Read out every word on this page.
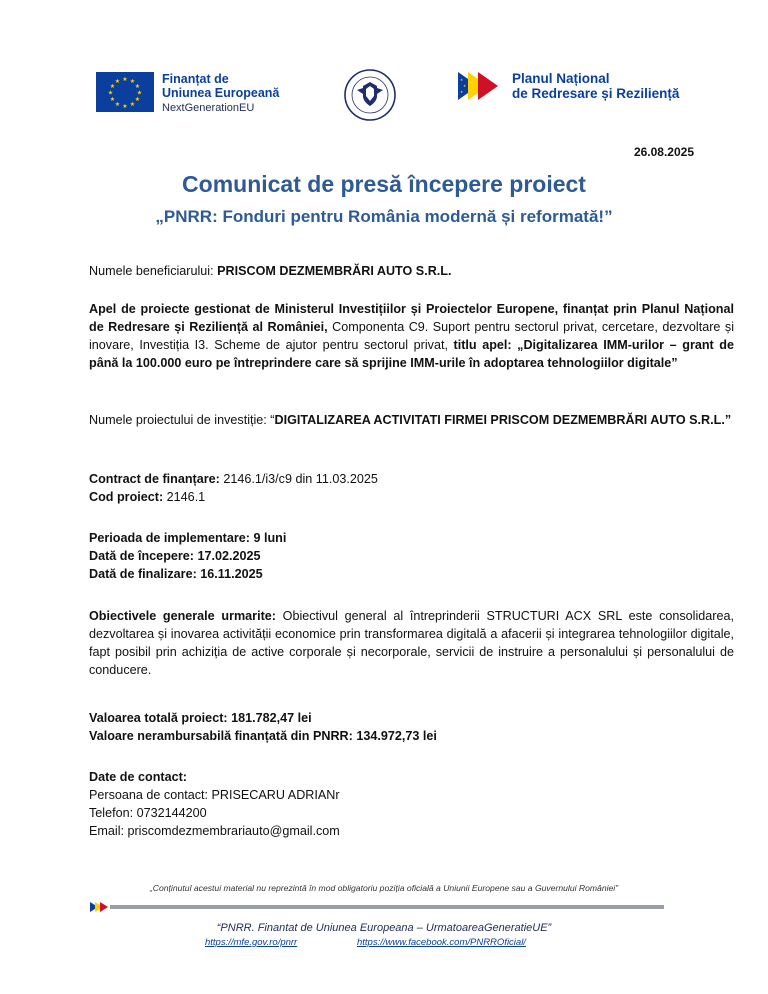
★ ★
★
★
★
★
★
★
★
★
★
★	Finanțat de
Uniunea Europeană
NextGenerationEU
★
★
★
Planul Național
de Redresare și Reziliență
26.08.2025
Comunicat de presă începere proiect
„PNRR: Fonduri pentru România modernă și reformată!”
Numele beneficiarului: PRISCOM DEZMEMBRĂRI AUTO S.R.L.
Apel de proiecte gestionat de Ministerul Investițiilor și Proiectelor Europene, finanțat prin Planul Național de Redresare și Reziliență al României, Componenta C9. Suport pentru sectorul privat, cercetare, dezvoltare și inovare, Investiția I3. Scheme de ajutor pentru sectorul privat, titlu apel: „Digitalizarea IMM-urilor – grant de până la 100.000 euro pe întreprindere care să sprijine IMM-urile în adoptarea tehnologiilor digitale”
Numele proiectului de investiție: “DIGITALIZAREA ACTIVITATI FIRMEI PRISCOM DEZMEMBRĂRI AUTO S.R.L.”
Contract de finanțare: 2146.1/i3/c9 din 11.03.2025
Cod proiect: 2146.1
Perioada de implementare: 9 luni
Dată de începere: 17.02.2025
Dată de finalizare: 16.11.2025
Obiectivele generale urmarite: Obiectivul general al întreprinderii STRUCTURI ACX SRL este consolidarea, dezvoltarea și inovarea activității economice prin transformarea digitală a afacerii și integrarea tehnologiilor digitale, fapt posibil prin achiziția de active corporale și necorporale, servicii de instruire a personalului și personalului de conducere.
Valoarea totală proiect: 181.782,47 lei
Valoare nerambursabilă finanțată din PNRR: 134.972,73 lei
Date de contact:
Persoana de contact: PRISECARU ADRIANr
Telefon: 0732144200
Email: priscomdezmembrariauto@gmail.com
„Conținutul acestui material nu reprezintă în mod obligatoriu poziția oficială a Uniunii Europene sau a Guvernului României”
“PNRR. Finantat de Uniunea Europeana – UrmatoareaGeneratieUE”
https://mfe.gov.ro/pnrr	https://www.facebook.com/PNRROficial/
